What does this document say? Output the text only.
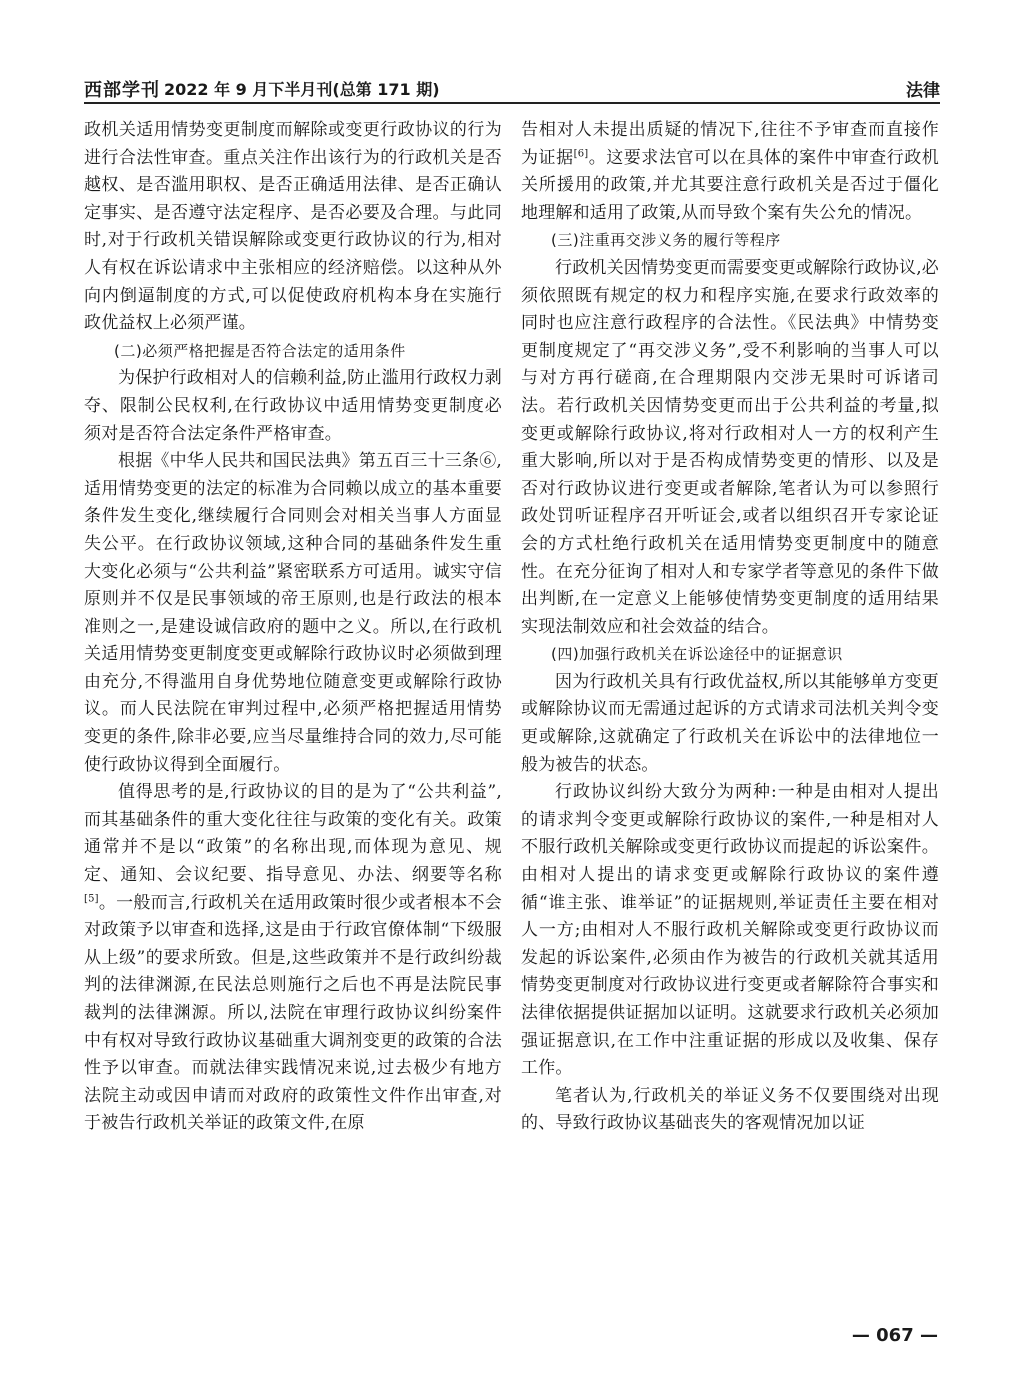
西部学刊 2022 年 9 月下半月刊(总第 171 期)	法律

政机关适用情势变更制度而解除或变更行政协议的行为进行合法性审查。重点关注作出该行为的行政机关是否越权、是否滥用职权、是否正确适用法律、是否正确认定事实、是否遵守法定程序、是否必要及合理。与此同时,对于行政机关错误解除或变更行政协议的行为,相对人有权在诉讼请求中主张相应的经济赔偿。以这种从外向内倒逼制度的方式,可以促使政府机构本身在实施行政优益权上必须严谨。

(二)必须严格把握是否符合法定的适用条件

为保护行政相对人的信赖利益,防止滥用行政权力剥夺、限制公民权利,在行政协议中适用情势变更制度必须对是否符合法定条件严格审查。

根据《中华人民共和国民法典》第五百三十三条⑥,适用情势变更的法定的标准为合同赖以成立的基本重要条件发生变化,继续履行合同则会对相关当事人方面显失公平。在行政协议领域,这种合同的基础条件发生重大变化必须与“公共利益”紧密联系方可适用。诚实守信原则并不仅是民事领域的帝王原则,也是行政法的根本准则之一,是建设诚信政府的题中之义。所以,在行政机关适用情势变更制度变更或解除行政协议时必须做到理由充分,不得滥用自身优势地位随意变更或解除行政协议。而人民法院在审判过程中,必须严格把握适用情势变更的条件,除非必要,应当尽量维持合同的效力,尽可能使行政协议得到全面履行。

值得思考的是,行政协议的目的是为了“公共利益”,而其基础条件的重大变化往往与政策的变化有关。政策通常并不是以“政策”的名称出现,而体现为意见、规定、通知、会议纪要、指导意见、办法、纲要等名称[5]。一般而言,行政机关在适用政策时很少或者根本不会对政策予以审查和选择,这是由于行政官僚体制“下级服从上级”的要求所致。但是,这些政策并不是行政纠纷裁判的法律渊源,在民法总则施行之后也不再是法院民事裁判的法律渊源。所以,法院在审理行政协议纠纷案件中有权对导致行政协议基础重大调剂变更的政策的合法性予以审查。而就法律实践情况来说,过去极少有地方法院主动或因申请而对政府的政策性文件作出审查,对于被告行政机关举证的政策文件,在原

告相对人未提出质疑的情况下,往往不予审查而直接作为证据[6]。这要求法官可以在具体的案件中审查行政机关所援用的政策,并尤其要注意行政机关是否过于僵化地理解和适用了政策,从而导致个案有失公允的情况。

(三)注重再交涉义务的履行等程序

行政机关因情势变更而需要变更或解除行政协议,必须依照既有规定的权力和程序实施,在要求行政效率的同时也应注意行政程序的合法性。《民法典》中情势变更制度规定了“再交涉义务”,受不利影响的当事人可以与对方再行磋商,在合理期限内交涉无果时可诉诸司法。若行政机关因情势变更而出于公共利益的考量,拟变更或解除行政协议,将对行政相对人一方的权利产生重大影响,所以对于是否构成情势变更的情形、以及是否对行政协议进行变更或者解除,笔者认为可以参照行政处罚听证程序召开听证会,或者以组织召开专家论证会的方式杜绝行政机关在适用情势变更制度中的随意性。在充分征询了相对人和专家学者等意见的条件下做出判断,在一定意义上能够使情势变更制度的适用结果实现法制效应和社会效益的结合。

(四)加强行政机关在诉讼途径中的证据意识

因为行政机关具有行政优益权,所以其能够单方变更或解除协议而无需通过起诉的方式请求司法机关判令变更或解除,这就确定了行政机关在诉讼中的法律地位一般为被告的状态。

行政协议纠纷大致分为两种:一种是由相对人提出的请求判令变更或解除行政协议的案件,一种是相对人不服行政机关解除或变更行政协议而提起的诉讼案件。由相对人提出的请求变更或解除行政协议的案件遵循“谁主张、谁举证”的证据规则,举证责任主要在相对人一方;由相对人不服行政机关解除或变更行政协议而发起的诉讼案件,必须由作为被告的行政机关就其适用情势变更制度对行政协议进行变更或者解除符合事实和法律依据提供证据加以证明。这就要求行政机关必须加强证据意识,在工作中注重证据的形成以及收集、保存工作。

笔者认为,行政机关的举证义务不仅要围绕对出现的、导致行政协议基础丧失的客观情况加以证

— 067 —
